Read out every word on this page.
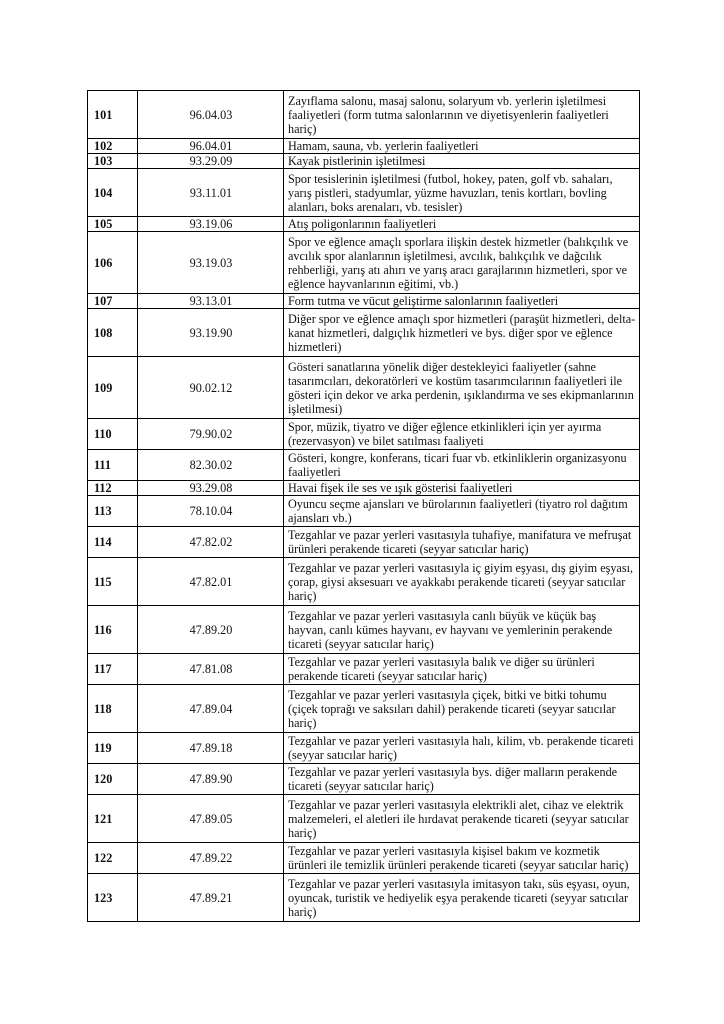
101	96.04.03	Zayıflama salonu, masaj salonu, solaryum vb. yerlerin işletilmesi faaliyetleri (form tutma salonlarının ve diyetisyenlerin faaliyetleri hariç)
102	96.04.01	Hamam, sauna, vb. yerlerin faaliyetleri
103	93.29.09	Kayak pistlerinin işletilmesi
104	93.11.01	Spor tesislerinin işletilmesi (futbol, hokey, paten, golf vb. sahaları, yarış pistleri, stadyumlar, yüzme havuzları, tenis kortları, bovling alanları, boks arenaları, vb. tesisler)
105	93.19.06	Atış poligonlarının faaliyetleri
106	93.19.03	Spor ve eğlence amaçlı sporlara ilişkin destek hizmetler (balıkçılık ve avcılık spor alanlarının işletilmesi, avcılık, balıkçılık ve dağcılık rehberliği, yarış atı ahırı ve yarış aracı garajlarının hizmetleri, spor ve eğlence hayvanlarının eğitimi, vb.)
107	93.13.01	Form tutma ve vücut geliştirme salonlarının faaliyetleri
108	93.19.90	Diğer spor ve eğlence amaçlı spor hizmetleri (paraşüt hizmetleri, delta-kanat hizmetleri, dalgıçlık hizmetleri ve bys. diğer spor ve eğlence hizmetleri)
109	90.02.12	Gösteri sanatlarına yönelik diğer destekleyici faaliyetler (sahne tasarımcıları, dekoratörleri ve kostüm tasarımcılarının faaliyetleri ile gösteri için dekor ve arka perdenin, ışıklandırma ve ses ekipmanlarının işletilmesi)
110	79.90.02	Spor, müzik, tiyatro ve diğer eğlence etkinlikleri için yer ayırma (rezervasyon) ve bilet satılması faaliyeti
111	82.30.02	Gösteri, kongre, konferans, ticari fuar vb. etkinliklerin organizasyonu faaliyetleri
112	93.29.08	Havai fişek ile ses ve ışık gösterisi faaliyetleri
113	78.10.04	Oyuncu seçme ajansları ve bürolarının faaliyetleri (tiyatro rol dağıtım ajansları vb.)
114	47.82.02	Tezgahlar ve pazar yerleri vasıtasıyla tuhafiye, manifatura ve mefruşat ürünleri perakende ticareti (seyyar satıcılar hariç)
115	47.82.01	Tezgahlar ve pazar yerleri vasıtasıyla iç giyim eşyası, dış giyim eşyası, çorap, giysi aksesuarı ve ayakkabı perakende ticareti (seyyar satıcılar hariç)
116	47.89.20	Tezgahlar ve pazar yerleri vasıtasıyla canlı büyük ve küçük baş hayvan, canlı kümes hayvanı, ev hayvanı ve yemlerinin perakende ticareti (seyyar satıcılar hariç)
117	47.81.08	Tezgahlar ve pazar yerleri vasıtasıyla balık ve diğer su ürünleri perakende ticareti (seyyar satıcılar hariç)
118	47.89.04	Tezgahlar ve pazar yerleri vasıtasıyla çiçek, bitki ve bitki tohumu (çiçek toprağı ve saksıları dahil) perakende ticareti (seyyar satıcılar hariç)
119	47.89.18	Tezgahlar ve pazar yerleri vasıtasıyla halı, kilim, vb. perakende ticareti (seyyar satıcılar hariç)
120	47.89.90	Tezgahlar ve pazar yerleri vasıtasıyla bys. diğer malların perakende ticareti (seyyar satıcılar hariç)
121	47.89.05	Tezgahlar ve pazar yerleri vasıtasıyla elektrikli alet, cihaz ve elektrik malzemeleri, el aletleri ile hırdavat perakende ticareti (seyyar satıcılar hariç)
122	47.89.22	Tezgahlar ve pazar yerleri vasıtasıyla kişisel bakım ve kozmetik ürünleri ile temizlik ürünleri perakende ticareti (seyyar satıcılar hariç)
123	47.89.21	Tezgahlar ve pazar yerleri vasıtasıyla imitasyon takı, süs eşyası, oyun, oyuncak, turistik ve hediyelik eşya perakende ticareti (seyyar satıcılar hariç)
